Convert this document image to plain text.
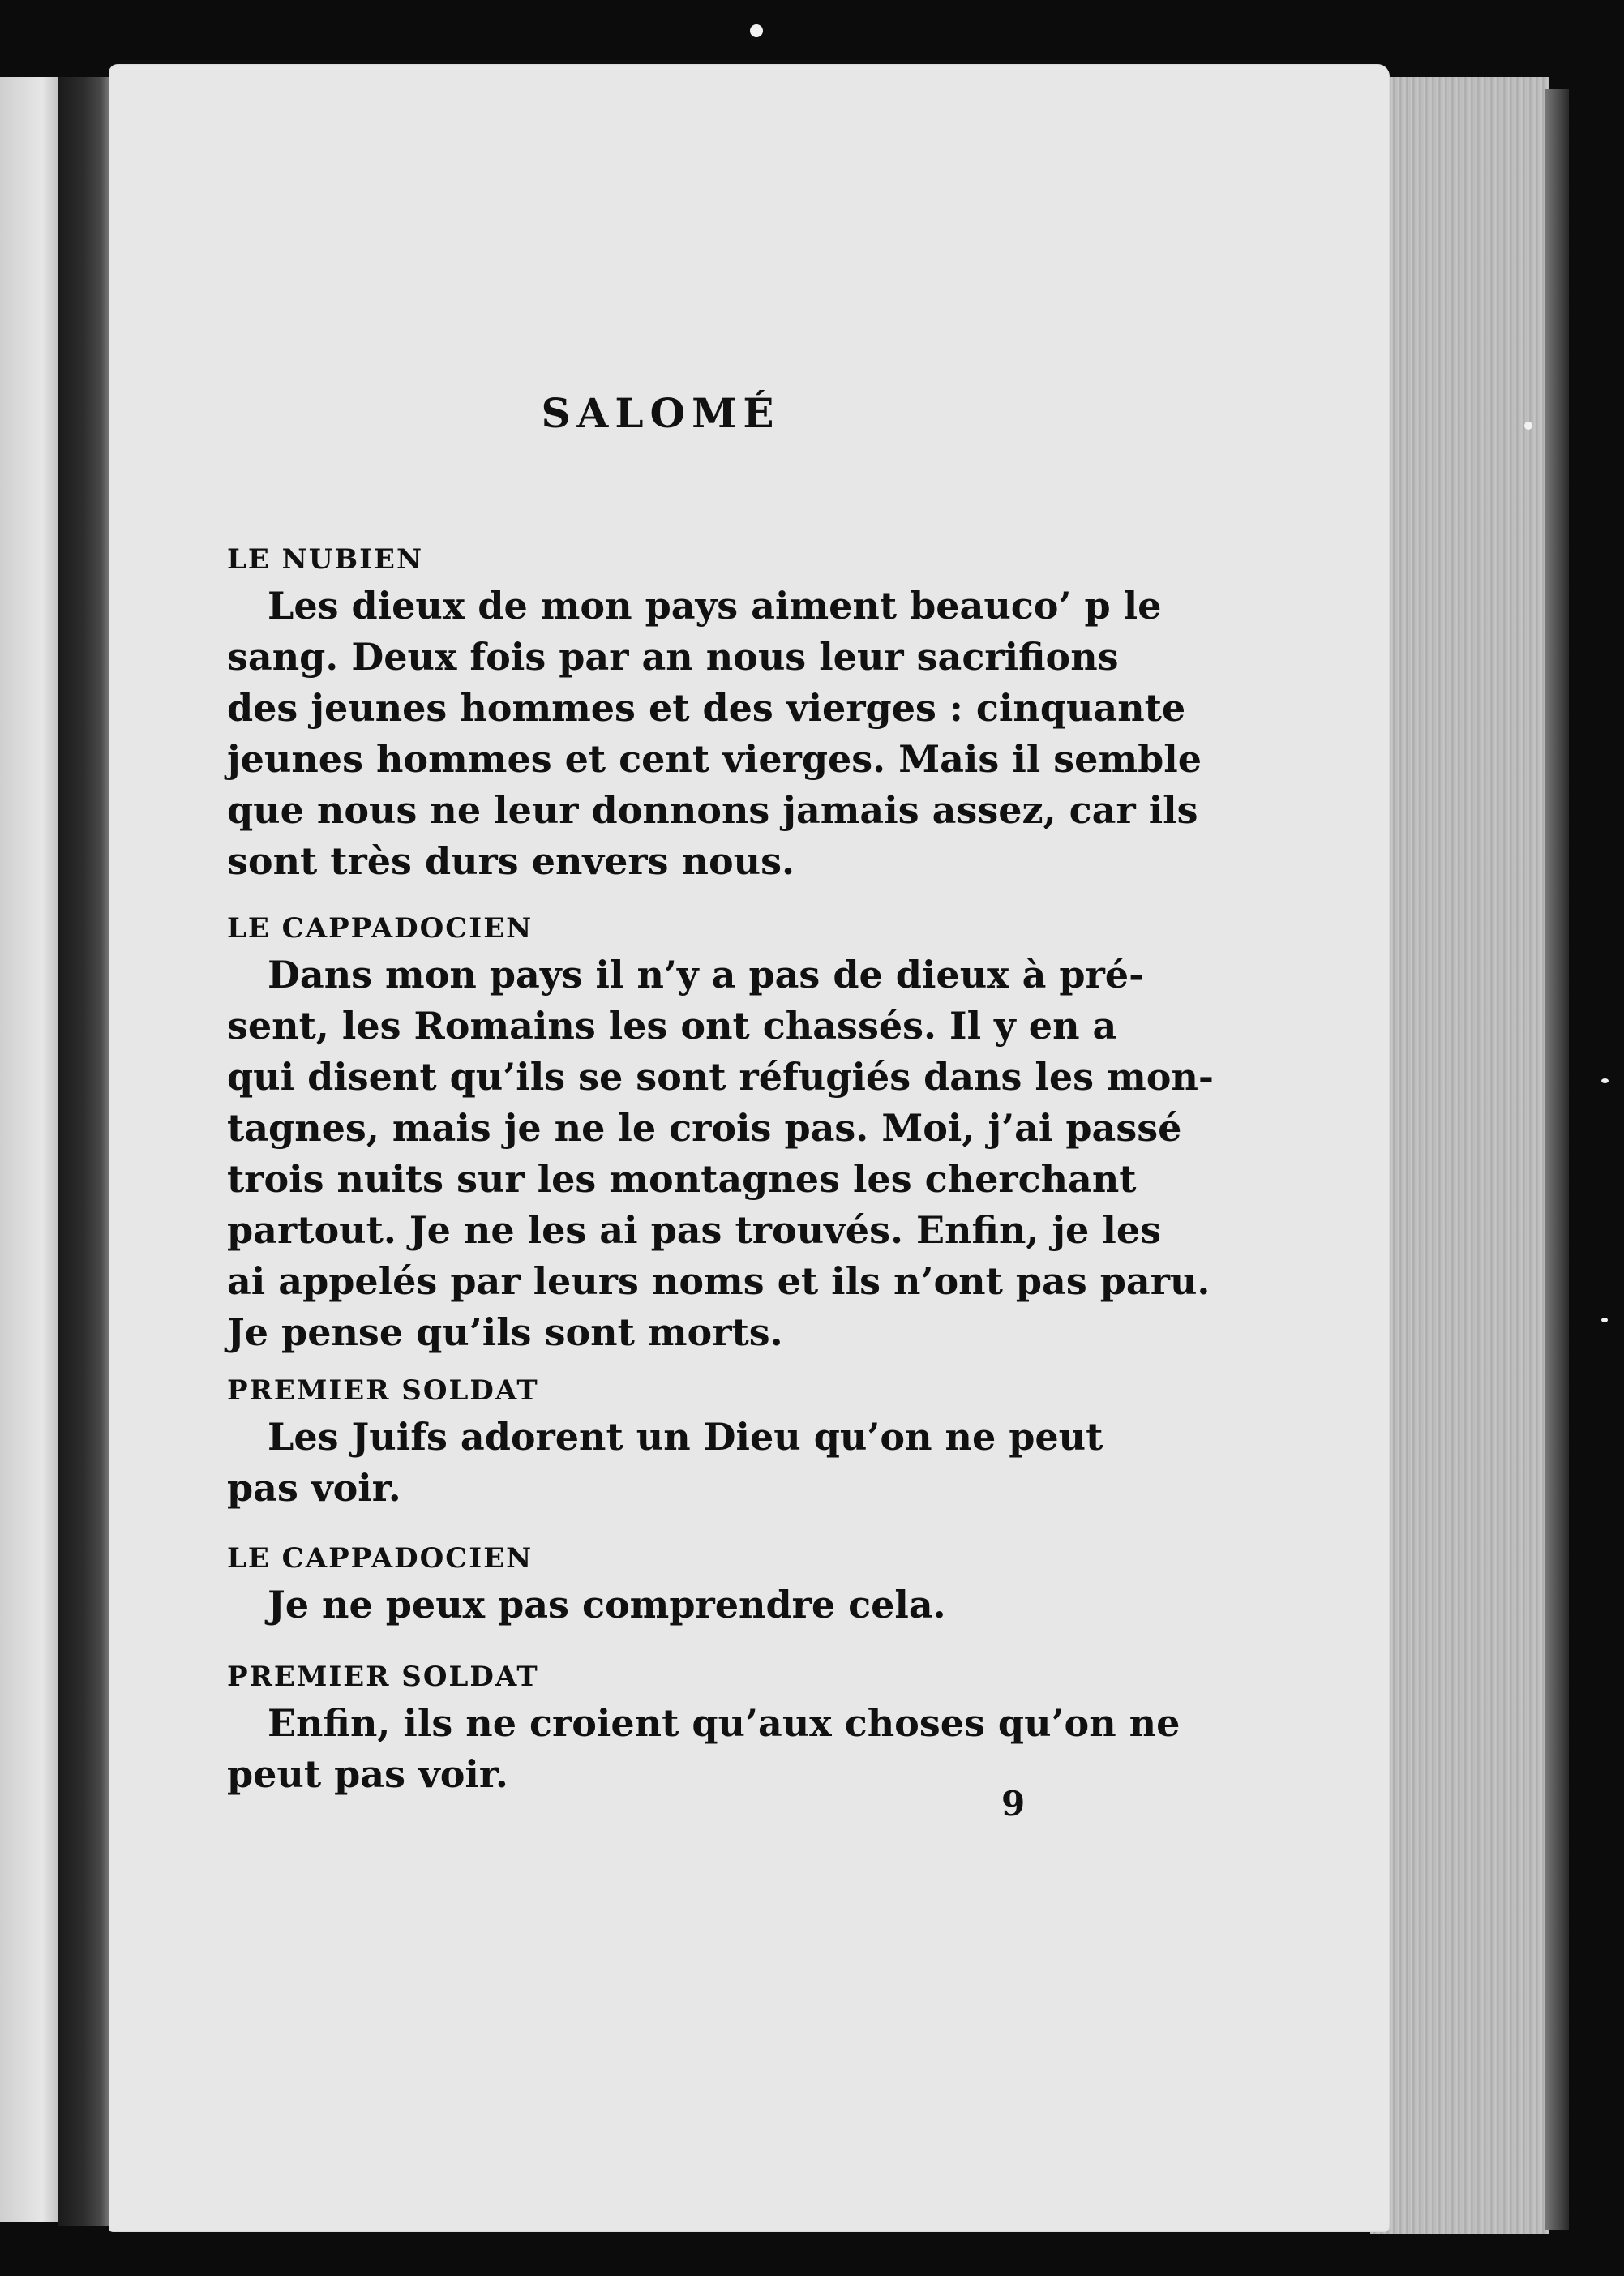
SALOMÉ
LE NUBIEN
Les dieux de mon pays aiment beauco’ p le
sang. Deux fois par an nous leur sacrifions
des jeunes hommes et des vierges : cinquante
jeunes hommes et cent vierges. Mais il semble
que nous ne leur donnons jamais assez, car ils
sont très durs envers nous.
LE CAPPADOCIEN
Dans mon pays il n’y a pas de dieux à pré-
sent, les Romains les ont chassés. Il y en a
qui disent qu’ils se sont réfugiés dans les mon-
tagnes, mais je ne le crois pas. Moi, j’ai passé
trois nuits sur les montagnes les cherchant
partout. Je ne les ai pas trouvés. Enfin, je les
ai appelés par leurs noms et ils n’ont pas paru.
Je pense qu’ils sont morts.
PREMIER SOLDAT
Les Juifs adorent un Dieu qu’on ne peut
pas voir.
LE CAPPADOCIEN
Je ne peux pas comprendre cela.
PREMIER SOLDAT
Enfin, ils ne croient qu’aux choses qu’on ne
peut pas voir.
9
